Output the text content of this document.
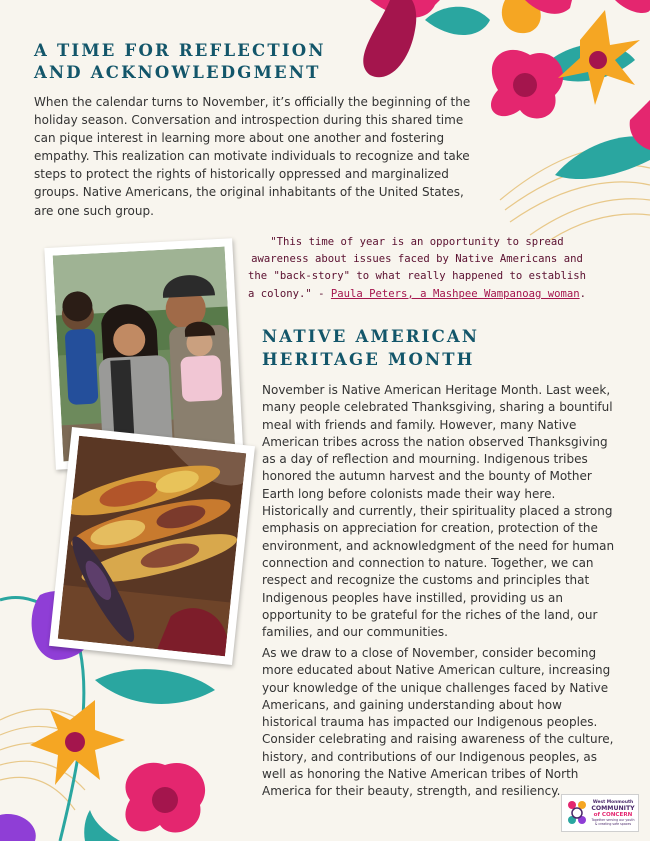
A TIME FOR REFLECTION AND ACKNOWLEDGMENT

When the calendar turns to November, it’s officially the beginning of the holiday season. Conversation and introspection during this shared time can pique interest in learning more about one another and fostering empathy. This realization can motivate individuals to recognize and take steps to protect the rights of historically oppressed and marginalized groups. Native Americans, the original inhabitants of the United States, are one such group.

"This time of year is an opportunity to spread awareness about issues faced by Native Americans and the "back-story" to what really happened to establish a colony." - Paula Peters, a Mashpee Wampanoag woman.

NATIVE AMERICAN HERITAGE MONTH

November is Native American Heritage Month. Last week, many people celebrated Thanksgiving, sharing a bountiful meal with friends and family. However, many Native American tribes across the nation observed Thanksgiving as a day of reflection and mourning. Indigenous tribes honored the autumn harvest and the bounty of Mother Earth long before colonists made their way here. Historically and currently, their spirituality placed a strong emphasis on appreciation for creation, protection of the environment, and acknowledgment of the need for human connection and connection to nature. Together, we can respect and recognize the customs and principles that Indigenous peoples have instilled, providing us an opportunity to be grateful for the riches of the land, our families, and our communities.

As we draw to a close of November, consider becoming more educated about Native American culture, increasing your knowledge of the unique challenges faced by Native Americans, and gaining understanding about how historical trauma has impacted our Indigenous peoples. Consider celebrating and raising awareness of the culture, history, and contributions of our Indigenous peoples, as well as honoring the Native American tribes of North America for their beauty, strength, and resiliency.

West Monmouth
COMMUNITY
of CONCERN
Together serving our youth & creating safe spaces
